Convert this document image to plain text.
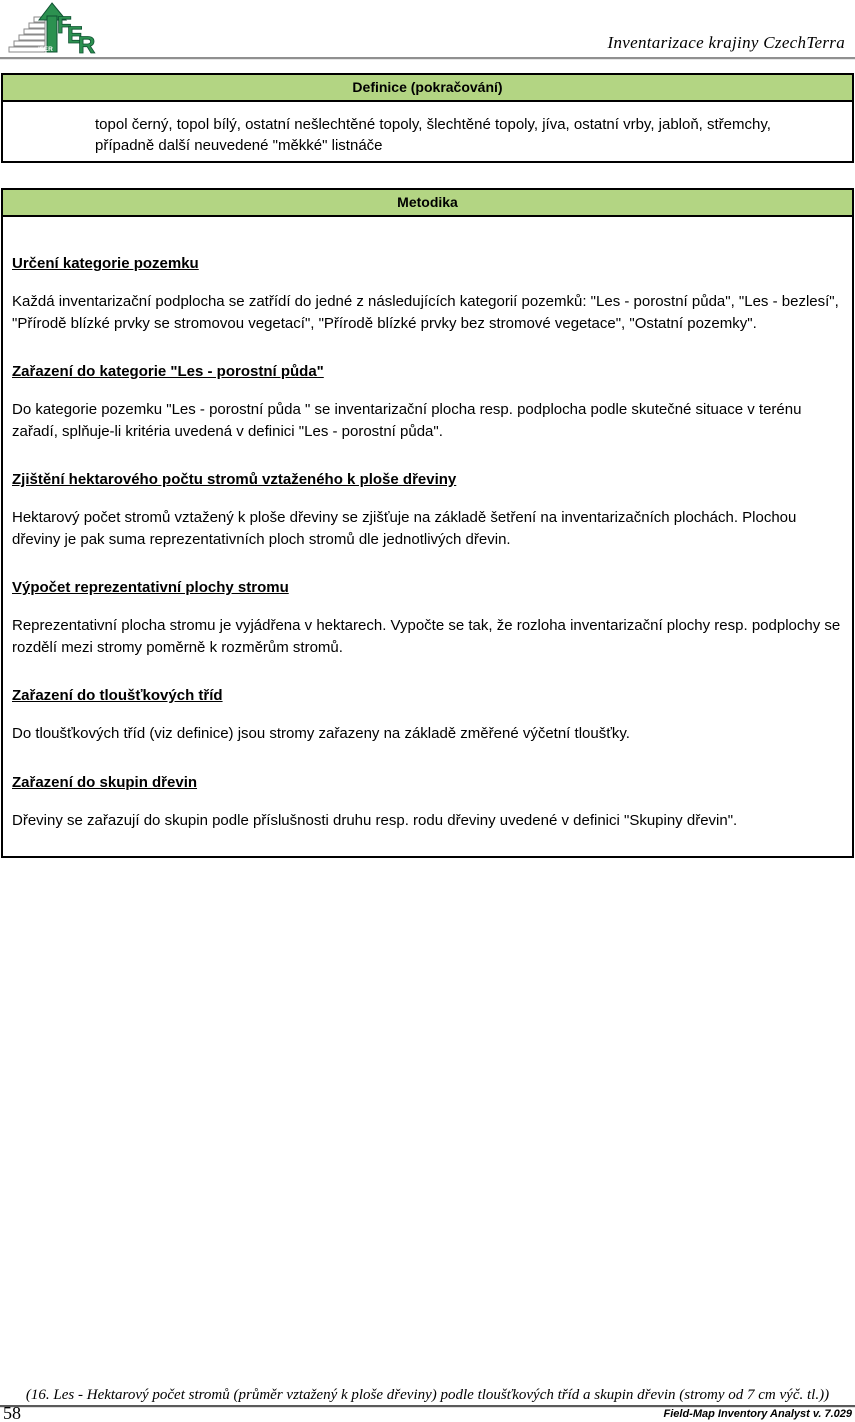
F
E
R
IFER	Inventarizace krajiny CzechTerra
Definice (pokračování)
topol černý, topol bílý, ostatní nešlechtěné topoly, šlechtěné topoly, jíva, ostatní vrby, jabloň, střemchy, případně další neuvedené "měkké" listnáče
Metodika
Určení kategorie pozemku
Každá inventarizační podplocha se zatřídí do jedné z následujících kategorií pozemků: "Les - porostní půda", "Les - bezlesí", "Přírodě blízké prvky se stromovou vegetací", "Přírodě blízké prvky bez stromové vegetace", "Ostatní pozemky".
Zařazení do kategorie "Les - porostní půda"
Do kategorie pozemku "Les - porostní půda " se inventarizační plocha resp. podplocha podle skutečné situace v terénu zařadí, splňuje-li kritéria uvedená v definici "Les - porostní půda".
Zjištění hektarového počtu stromů vztaženého k ploše dřeviny
Hektarový počet stromů vztažený k ploše dřeviny se zjišťuje na základě šetření na inventarizačních plochách. Plochou dřeviny je pak suma reprezentativních ploch stromů dle jednotlivých dřevin.
Výpočet reprezentativní plochy stromu
Reprezentativní plocha stromu je vyjádřena v hektarech. Vypočte se tak, že rozloha inventarizační plochy resp. podplochy se rozdělí mezi stromy poměrně k rozměrům stromů.
Zařazení do tloušťkových tříd
Do tloušťkových tříd (viz definice) jsou stromy zařazeny na základě změřené výčetní tloušťky.
Zařazení do skupin dřevin
Dřeviny se zařazují do skupin podle příslušnosti druhu resp. rodu dřeviny uvedené v definici "Skupiny dřevin".
(16. Les - Hektarový počet stromů (průměr vztažený k ploše dřeviny) podle tloušťkových tříd a skupin dřevin (stromy od 7 cm výč. tl.))
58	Field-Map Inventory Analyst v. 7.029
